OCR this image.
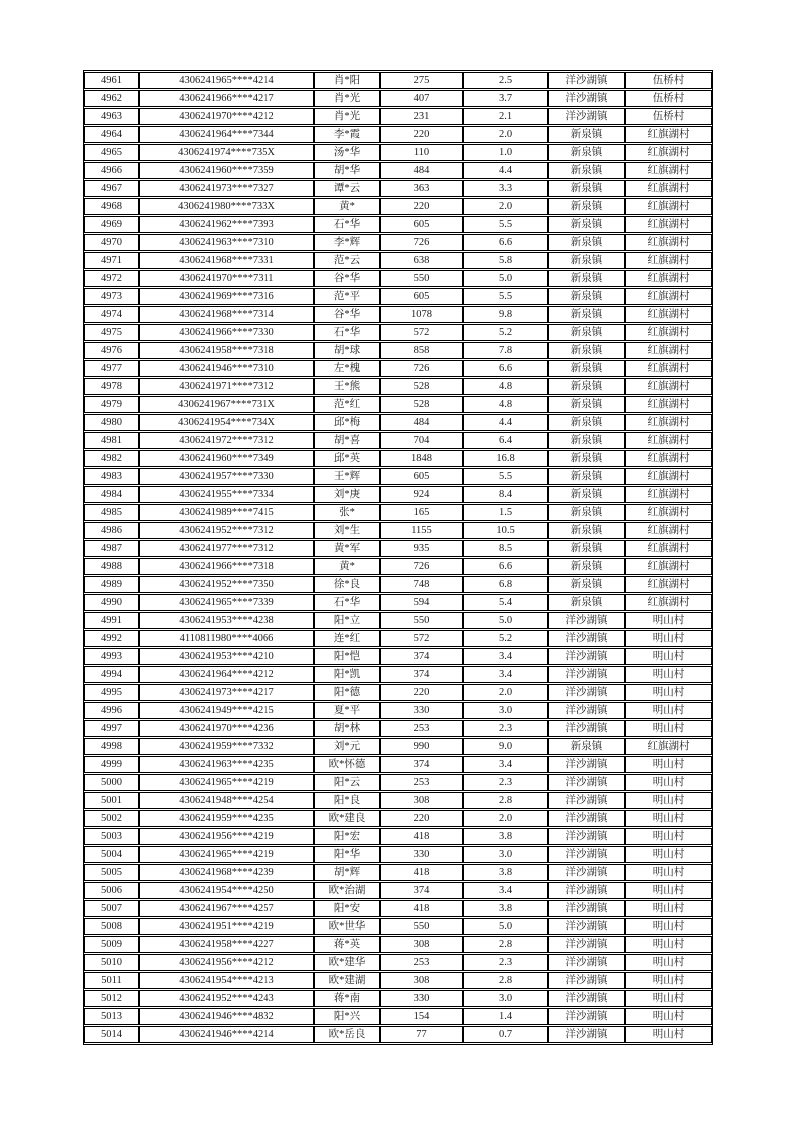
4961	4306241965****4214	肖*阳	275	2.5	洋沙湖镇	伍桥村
4962	4306241966****4217	肖*光	407	3.7	洋沙湖镇	伍桥村
4963	4306241970****4212	肖*光	231	2.1	洋沙湖镇	伍桥村
4964	4306241964****7344	李*霞	220	2.0	新泉镇	红旗湖村
4965	4306241974****735X	汤*华	110	1.0	新泉镇	红旗湖村
4966	4306241960****7359	胡*华	484	4.4	新泉镇	红旗湖村
4967	4306241973****7327	谭*云	363	3.3	新泉镇	红旗湖村
4968	4306241980****733X	黄*	220	2.0	新泉镇	红旗湖村
4969	4306241962****7393	石*华	605	5.5	新泉镇	红旗湖村
4970	4306241963****7310	李*辉	726	6.6	新泉镇	红旗湖村
4971	4306241968****7331	范*云	638	5.8	新泉镇	红旗湖村
4972	4306241970****7311	谷*华	550	5.0	新泉镇	红旗湖村
4973	4306241969****7316	范*平	605	5.5	新泉镇	红旗湖村
4974	4306241968****7314	谷*华	1078	9.8	新泉镇	红旗湖村
4975	4306241966****7330	石*华	572	5.2	新泉镇	红旗湖村
4976	4306241958****7318	胡*球	858	7.8	新泉镇	红旗湖村
4977	4306241946****7310	左*槐	726	6.6	新泉镇	红旗湖村
4978	4306241971****7312	王*熊	528	4.8	新泉镇	红旗湖村
4979	4306241967****731X	范*红	528	4.8	新泉镇	红旗湖村
4980	4306241954****734X	邱*梅	484	4.4	新泉镇	红旗湖村
4981	4306241972****7312	胡*喜	704	6.4	新泉镇	红旗湖村
4982	4306241960****7349	邱*英	1848	16.8	新泉镇	红旗湖村
4983	4306241957****7330	王*辉	605	5.5	新泉镇	红旗湖村
4984	4306241955****7334	刘*庚	924	8.4	新泉镇	红旗湖村
4985	4306241989****7415	张*	165	1.5	新泉镇	红旗湖村
4986	4306241952****7312	刘*生	1155	10.5	新泉镇	红旗湖村
4987	4306241977****7312	黄*军	935	8.5	新泉镇	红旗湖村
4988	4306241966****7318	黄*	726	6.6	新泉镇	红旗湖村
4989	4306241952****7350	徐*良	748	6.8	新泉镇	红旗湖村
4990	4306241965****7339	石*华	594	5.4	新泉镇	红旗湖村
4991	4306241953****4238	阳*立	550	5.0	洋沙湖镇	明山村
4992	4110811980****4066	连*红	572	5.2	洋沙湖镇	明山村
4993	4306241953****4210	阳*恺	374	3.4	洋沙湖镇	明山村
4994	4306241964****4212	阳*凯	374	3.4	洋沙湖镇	明山村
4995	4306241973****4217	阳*德	220	2.0	洋沙湖镇	明山村
4996	4306241949****4215	夏*平	330	3.0	洋沙湖镇	明山村
4997	4306241970****4236	胡*林	253	2.3	洋沙湖镇	明山村
4998	4306241959****7332	刘*元	990	9.0	新泉镇	红旗湖村
4999	4306241963****4235	欧*怀德	374	3.4	洋沙湖镇	明山村
5000	4306241965****4219	阳*云	253	2.3	洋沙湖镇	明山村
5001	4306241948****4254	阳*良	308	2.8	洋沙湖镇	明山村
5002	4306241959****4235	欧*建良	220	2.0	洋沙湖镇	明山村
5003	4306241956****4219	阳*宏	418	3.8	洋沙湖镇	明山村
5004	4306241965****4219	阳*华	330	3.0	洋沙湖镇	明山村
5005	4306241968****4239	胡*辉	418	3.8	洋沙湖镇	明山村
5006	4306241954****4250	欧*治湖	374	3.4	洋沙湖镇	明山村
5007	4306241967****4257	阳*安	418	3.8	洋沙湖镇	明山村
5008	4306241951****4219	欧*世华	550	5.0	洋沙湖镇	明山村
5009	4306241958****4227	蒋*英	308	2.8	洋沙湖镇	明山村
5010	4306241956****4212	欧*建华	253	2.3	洋沙湖镇	明山村
5011	4306241954****4213	欧*建湖	308	2.8	洋沙湖镇	明山村
5012	4306241952****4243	蒋*南	330	3.0	洋沙湖镇	明山村
5013	4306241946****4832	阳*兴	154	1.4	洋沙湖镇	明山村
5014	4306241946****4214	欧*岳良	77	0.7	洋沙湖镇	明山村
